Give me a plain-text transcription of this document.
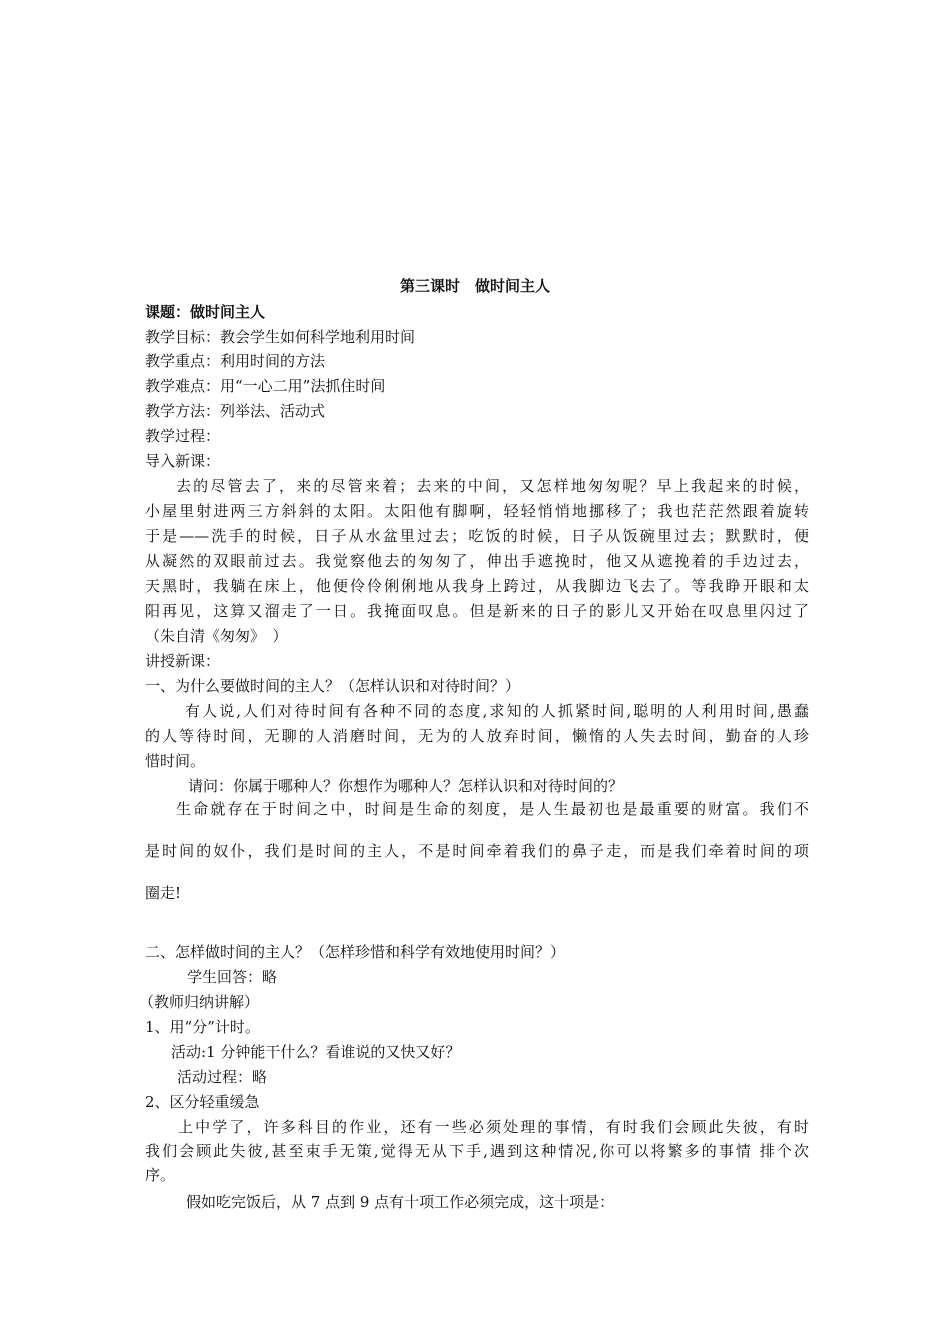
第三课时　做时间主人
课题：做时间主人
教学目标：教会学生如何科学地利用时间
教学重点：利用时间的方法
教学难点：用“一心二用”法抓住时间
教学方法：列举法、活动式
教学过程：
导入新课：
去的尽管去了，来的尽管来着；去来的中间，又怎样地匆匆呢？早上我起来的时候，
小屋里射进两三方斜斜的太阳。太阳他有脚啊，轻轻悄悄地挪移了；我也茫茫然跟着旋转
于是——洗手的时候，日子从水盆里过去；吃饭的时候，日子从饭碗里过去；默默时，便
从凝然的双眼前过去。我觉察他去的匆匆了，伸出手遮挽时，他又从遮挽着的手边过去，
天黑时，我躺在床上，他便伶伶俐俐地从我身上跨过，从我脚边飞去了。等我睁开眼和太
阳再见，这算又溜走了一日。我掩面叹息。但是新来的日子的影儿又开始在叹息里闪过了
（朱自清《匆匆》　）
讲授新课：
一、为什么要做时间的主人？（怎样认识和对待时间？）
有人说,人们对待时间有各种不同的态度,求知的人抓紧时间,聪明的人利用时间,愚蠢
的人等待时间，无聊的人消磨时间，无为的人放弃时间，懒惰的人失去时间，勤奋的人珍
惜时间。
请问：你属于哪种人？你想作为哪种人？怎样认识和对待时间的？
生命就存在于时间之中，时间是生命的刻度，是人生最初也是最重要的财富。我们不
是时间的奴仆，我们是时间的主人，不是时间牵着我们的鼻子走，而是我们牵着时间的项
圈走!
二、怎样做时间的主人？（怎样珍惜和科学有效地使用时间？）
学生回答：略
（教师归纳讲解）
1、用“分”计时。
活动:1 分钟能干什么？看谁说的又快又好？
活动过程：略
2、区分轻重缓急
上中学了，许多科目的作业，还有一些必须处理的事情，有时我们会顾此失彼，有时
我们会顾此失彼,甚至束手无策,觉得无从下手,遇到这种情况,你可以将繁多的事情 排个次
序。
假如吃完饭后，从 7 点到 9 点有十项工作必须完成，这十项是：
